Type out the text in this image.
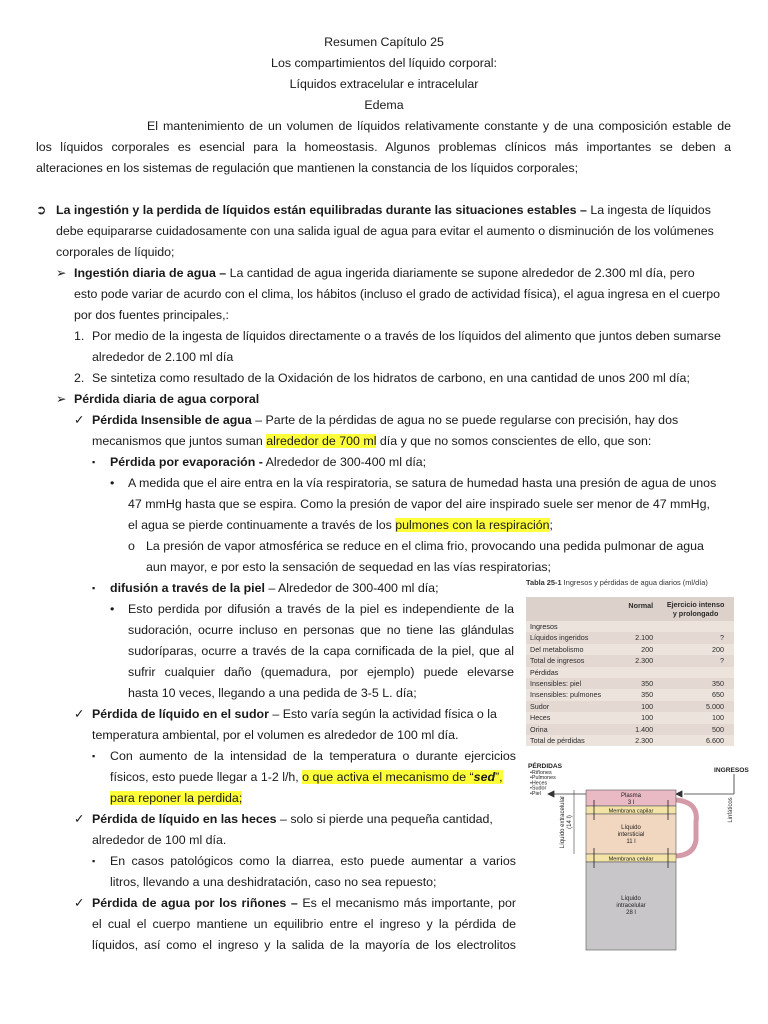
Resumen Capítulo 25
Los compartimientos del líquido corporal:
Líquidos extracelular e intracelular
Edema
El mantenimiento de un volumen de líquidos relativamente constante y de una composición estable de
los líquidos corporales es esencial para la homeostasis. Algunos problemas clínicos más importantes se deben a
alteraciones en los sistemas de regulación que mantienen la constancia de los líquidos corporales;
➲ La ingestión y la perdida de líquidos están equilibradas durante las situaciones estables – La ingesta de líquidos
debe equipararse cuidadosamente con una salida igual de agua para evitar el aumento o disminución de los volúmenes
corporales de líquido;
➢ Ingestión diaria de agua – La cantidad de agua ingerida diariamente se supone alrededor de 2.300 ml día, pero
esto pode variar de acurdo con el clima, los hábitos (incluso el grado de actividad física), el agua ingresa en el cuerpo
por dos fuentes principales,:
1. Por medio de la ingesta de líquidos directamente o a través de los líquidos del alimento que juntos deben sumarse
alrededor de 2.100 ml día
2. Se sintetiza como resultado de la Oxidación de los hidratos de carbono, en una cantidad de unos 200 ml día;
➢ Pérdida diaria de agua corporal
✓ Pérdida Insensible de agua – Parte de la pérdidas de agua no se puede regularse con precisión, hay dos
mecanismos que juntos suman alrededor de 700 ml día y que no somos conscientes de ello, que son:
▪ Pérdida por evaporación - Alrededor de 300-400 ml día;
• A medida que el aire entra en la vía respiratoria, se satura de humedad hasta una presión de agua de unos
47 mmHg hasta que se espira. Como la presión de vapor del aire inspirado suele ser menor de 47 mmHg,
el agua se pierde continuamente a través de los pulmones con la respiración;
o La presión de vapor atmosférica se reduce en el clima frio, provocando una pedida pulmonar de agua
aun mayor, e por esto la sensación de sequedad en las vías respiratorias;
▪ difusión a través de la piel – Alrededor de 300-400 ml día;
• Esto perdida por difusión a través de la piel es independiente de la
sudoración, ocurre incluso en personas que no tiene las glándulas
sudoríparas, ocurre a través de la capa cornificada de la piel, que al
sufrir cualquier daño (quemadura, por ejemplo) puede elevarse
hasta 10 veces, llegando a una pedida de 3-5 L. día;
✓ Pérdida de líquido en el sudor – Esto varía según la actividad física o la
temperatura ambiental, por el volumen es alrededor de 100 ml día.
▪ Con aumento de la intensidad de la temperatura o durante ejercicios
físicos, esto puede llegar a 1-2 l/h, o que activa el mecanismo de “sed”,
para reponer la perdida;
✓ Pérdida de líquido en las heces – solo si pierde una pequeña cantidad,
alrededor de 100 ml día.
▪ En casos patológicos como la diarrea, esto puede aumentar a varios
litros, llevando a una deshidratación, caso no sea repuesto;
✓ Pérdida de agua por los riñones – Es el mecanismo más importante, por
el cual el cuerpo mantiene un equilibrio entre el ingreso y la pérdida de
líquidos, así como el ingreso y la salida de la mayoría de los electrolitos
Tabla 25-1 Ingresos y pérdidas de agua diarios (ml/día)
	Normal	Ejercicio intenso
y prolongado
Ingresos		
Líquidos ingeridos	2.100	?
Del metabolismo	200	200
Total de ingresos	2.300	?
Pérdidas		
Insensibles: piel	350	350
Insensibles: pulmones	350	650
Sudor	100	5.000
Heces	100	100
Orina	1.400	500
Total de pérdidas	2.300	6.600
PÉRDIDAS
•Riñones
•Pulmones
•Heces
•Sudor
•Piel
INGRESOS
Linfáticos
Plasma
3 l
Membrana capilar
Líquido
intersticial
11 l
Membrana celular
Líquido
intracelular
28 l
Líquido extracelular (14 l)
